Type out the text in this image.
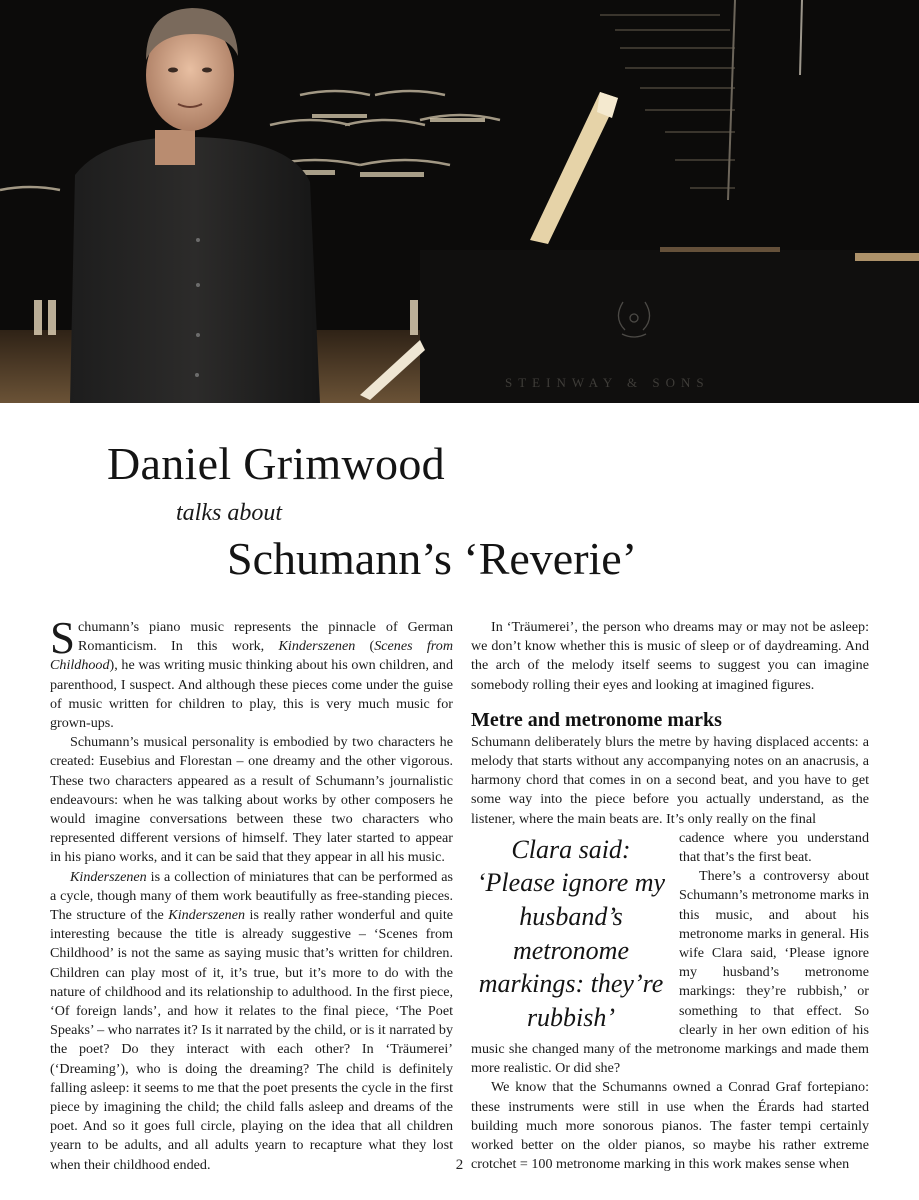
STEINWAY & SONS
Daniel Grimwood
talks about
Schumann’s ‘Reverie’

Schumann’s piano music represents the pinnacle of German Romanticism. In this work, Kinderszenen (Scenes from Childhood), he was writing music thinking about his own children, and parenthood, I suspect. And although these pieces come under the guise of music written for children to play, this is very much music for grown-ups.

Schumann’s musical personality is embodied by two characters he created: Eusebius and Florestan – one dreamy and the other vigorous. These two characters appeared as a result of Schumann’s journalistic endeavours: when he was talking about works by other composers he would imagine conversations between these two characters who represented different versions of himself. They later started to appear in his piano works, and it can be said that they appear in all his music.

Kinderszenen is a collection of miniatures that can be performed as a cycle, though many of them work beautifully as free-standing pieces. The structure of the Kinderszenen is really rather wonderful and quite interesting because the title is already suggestive – ‘Scenes from Childhood’ is not the same as saying music that’s written for children. Children can play most of it, it’s true, but it’s more to do with the nature of childhood and its relationship to adulthood. In the first piece, ‘Of foreign lands’, and how it relates to the final piece, ‘The Poet Speaks’ – who narrates it? Is it narrated by the child, or is it narrated by the poet? Do they interact with each other? In ‘Träumerei’ (‘Dreaming’), who is doing the dreaming? The child is definitely falling asleep: it seems to me that the poet presents the cycle in the first piece by imagining the child; the child falls asleep and dreams of the poet. And so it goes full circle, playing on the idea that all children yearn to be adults, and all adults yearn to recapture what they lost when their childhood ended.

In ‘Träumerei’, the person who dreams may or may not be asleep: we don’t know whether this is music of sleep or of daydreaming. And the arch of the melody itself seems to suggest you can imagine somebody rolling their eyes and looking at imagined figures.

Metre and metronome marks

Schumann deliberately blurs the metre by having displaced accents: a melody that starts without any accompanying notes on an anacrusis, a harmony chord that comes in on a second beat, and you have to get some way into the piece before you actually understand, as the listener, where the main beats are. It’s only really on the final

Clara said: ‘Please ignore my husband’s metronome markings: they’re rubbish’

cadence where you understand that that’s the first beat.

There’s a controversy about Schumann’s metronome marks in this music, and about his metronome marks in general. His wife Clara said, ‘Please ignore my husband’s metronome markings: they’re rubbish,’ or something to that effect. So clearly in her own edition of his music she changed many of the metronome markings and made them more realistic. Or did she?

We know that the Schumanns owned a Conrad Graf fortepiano: these instruments were still in use when the Érards had started building much more sonorous pianos. The faster tempi certainly worked better on the older pianos, so maybe his rather extreme crotchet = 100 metronome marking in this work makes sense when

2
